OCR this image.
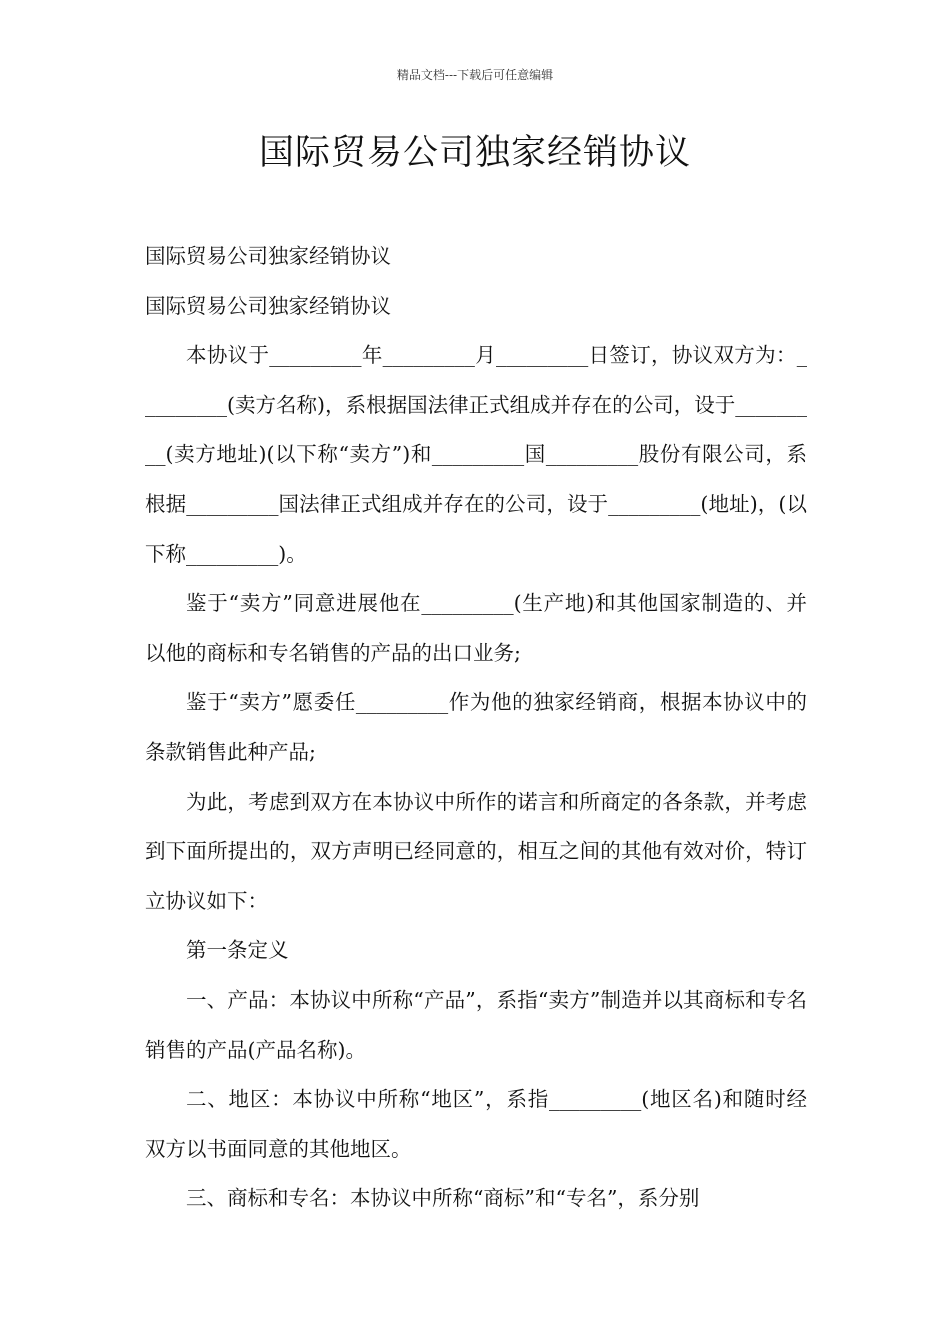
精品文档---下载后可任意编辑
国际贸易公司独家经销协议

国际贸易公司独家经销协议

国际贸易公司独家经销协议

本协议于_________年_________月_________日签订，协议双方为：_________(卖方名称)，系根据国法律正式组成并存在的公司，设于_________(卖方地址)(以下称“卖方”)和_________国_________股份有限公司，系根据_________国法律正式组成并存在的公司，设于_________(地址)，(以下称_________)。

鉴于“卖方”同意进展他在_________(生产地)和其他国家制造的、并以他的商标和专名销售的产品的出口业务;

鉴于“卖方”愿委任_________作为他的独家经销商，根据本协议中的条款销售此种产品;

为此，考虑到双方在本协议中所作的诺言和所商定的各条款，并考虑到下面所提出的，双方声明已经同意的，相互之间的其他有效对价，特订立协议如下：

第一条定义

一、产品：本协议中所称“产品”，系指“卖方”制造并以其商标和专名销售的产品(产品名称)。

二、地区：本协议中所称“地区”，系指_________(地区名)和随时经双方以书面同意的其他地区。

三、商标和专名：本协议中所称“商标”和“专名”，系分别
